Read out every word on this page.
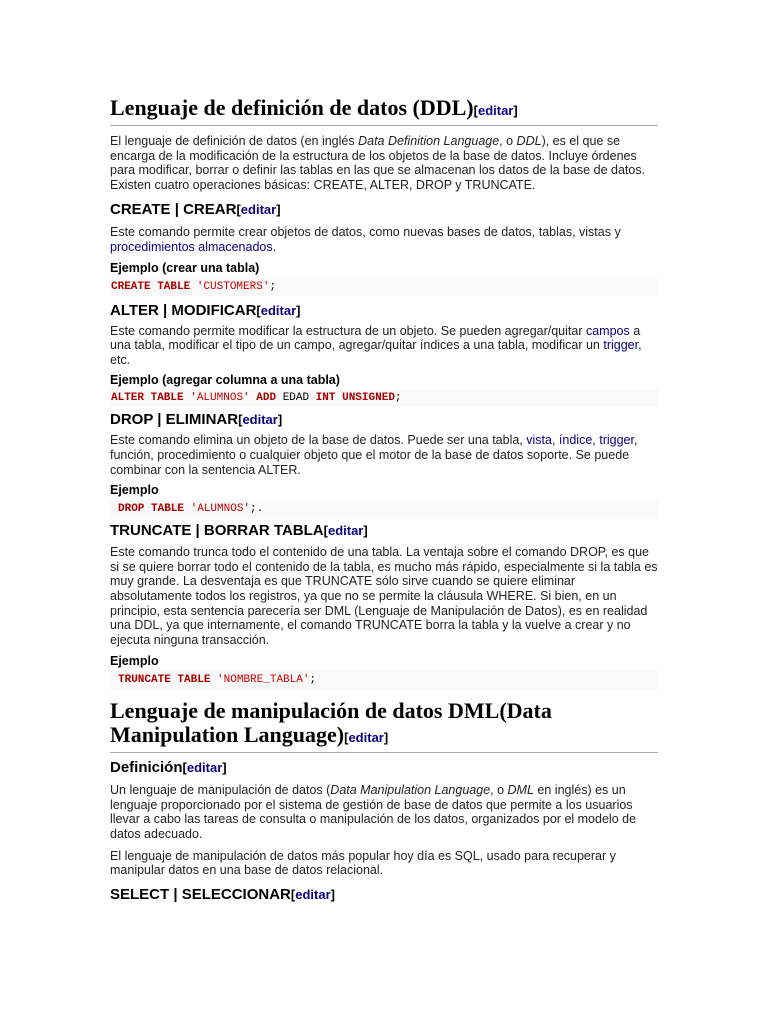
Lenguaje de definición de datos (DDL)[editar]

El lenguaje de definición de datos (en inglés Data Definition Language, o DDL), es el que se encarga de la modificación de la estructura de los objetos de la base de datos. Incluye órdenes para modificar, borrar o definir las tablas en las que se almacenan los datos de la base de datos. Existen cuatro operaciones básicas: CREATE, ALTER, DROP y TRUNCATE.

CREATE | CREAR[editar]

Este comando permite crear objetos de datos, como nuevas bases de datos, tablas, vistas y procedimientos almacenados.

Ejemplo (crear una tabla)
CREATE TABLE 'CUSTOMERS';
ALTER | MODIFICAR[editar]

Este comando permite modificar la estructura de un objeto. Se pueden agregar/quitar campos a una tabla, modificar el tipo de un campo, agregar/quitar índices a una tabla, modificar un trigger, etc.

Ejemplo (agregar columna a una tabla)
ALTER TABLE 'ALUMNOS' ADD EDAD INT UNSIGNED;
DROP | ELIMINAR[editar]

Este comando elimina un objeto de la base de datos. Puede ser una tabla, vista, índice, trigger, función, procedimiento o cualquier objeto que el motor de la base de datos soporte. Se puede combinar con la sentencia ALTER.

Ejemplo
DROP TABLE 'ALUMNOS';.
TRUNCATE | BORRAR TABLA[editar]

Este comando trunca todo el contenido de una tabla. La ventaja sobre el comando DROP, es que si se quiere borrar todo el contenido de la tabla, es mucho más rápido, especialmente si la tabla es muy grande. La desventaja es que TRUNCATE sólo sirve cuando se quiere eliminar absolutamente todos los registros, ya que no se permite la cláusula WHERE. Si bien, en un principio, esta sentencia parecería ser DML (Lenguaje de Manipulación de Datos), es en realidad una DDL, ya que internamente, el comando TRUNCATE borra la tabla y la vuelve a crear y no ejecuta ninguna transacción.

Ejemplo
TRUNCATE TABLE 'NOMBRE_TABLA';
Lenguaje de manipulación de datos DML(Data Manipulation Language)[editar]
Definición[editar]

Un lenguaje de manipulación de datos (Data Manipulation Language, o DML en inglés) es un lenguaje proporcionado por el sistema de gestión de base de datos que permite a los usuarios llevar a cabo las tareas de consulta o manipulación de los datos, organizados por el modelo de datos adecuado.

El lenguaje de manipulación de datos más popular hoy día es SQL, usado para recuperar y manipular datos en una base de datos relacional.

SELECT | SELECCIONAR[editar]
